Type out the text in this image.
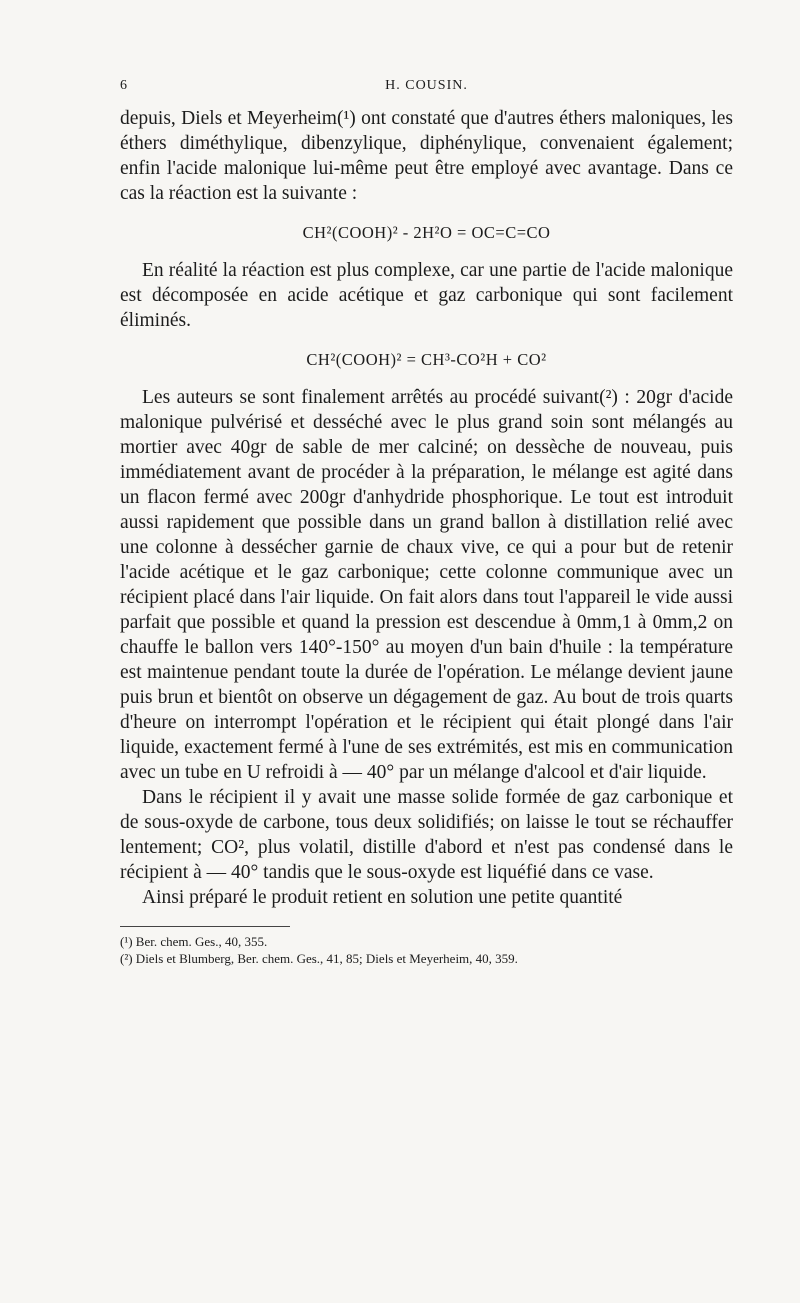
6	H. COUSIN.

depuis, Diels et Meyerheim(¹) ont constaté que d'autres éthers maloniques, les éthers diméthylique, dibenzylique, diphénylique, convenaient également; enfin l'acide malonique lui-même peut être employé avec avantage. Dans ce cas la réaction est la suivante :

CH²(COOH)² - 2H²O = OC=C=CO

En réalité la réaction est plus complexe, car une partie de l'acide malonique est décomposée en acide acétique et gaz carbonique qui sont facilement éliminés.

CH²(COOH)² = CH³-CO²H + CO²

Les auteurs se sont finalement arrêtés au procédé suivant(²) : 20gr d'acide malonique pulvérisé et desséché avec le plus grand soin sont mélangés au mortier avec 40gr de sable de mer calciné; on dessèche de nouveau, puis immédiatement avant de procéder à la préparation, le mélange est agité dans un flacon fermé avec 200gr d'anhydride phosphorique. Le tout est introduit aussi rapidement que possible dans un grand ballon à distillation relié avec une colonne à dessécher garnie de chaux vive, ce qui a pour but de retenir l'acide acétique et le gaz carbonique; cette colonne communique avec un récipient placé dans l'air liquide. On fait alors dans tout l'appareil le vide aussi parfait que possible et quand la pression est descendue à 0mm,1 à 0mm,2 on chauffe le ballon vers 140°-150° au moyen d'un bain d'huile : la température est maintenue pendant toute la durée de l'opération. Le mélange devient jaune puis brun et bientôt on observe un dégagement de gaz. Au bout de trois quarts d'heure on interrompt l'opération et le récipient qui était plongé dans l'air liquide, exactement fermé à l'une de ses extrémités, est mis en communication avec un tube en U refroidi à — 40° par un mélange d'alcool et d'air liquide.

Dans le récipient il y avait une masse solide formée de gaz carbonique et de sous-oxyde de carbone, tous deux solidifiés; on laisse le tout se réchauffer lentement; CO², plus volatil, distille d'abord et n'est pas condensé dans le récipient à — 40° tandis que le sous-oxyde est liquéfié dans ce vase.

Ainsi préparé le produit retient en solution une petite quantité

(¹) Ber. chem. Ges., 40, 355.
(²) Diels et Blumberg, Ber. chem. Ges., 41, 85; Diels et Meyerheim, 40, 359.
